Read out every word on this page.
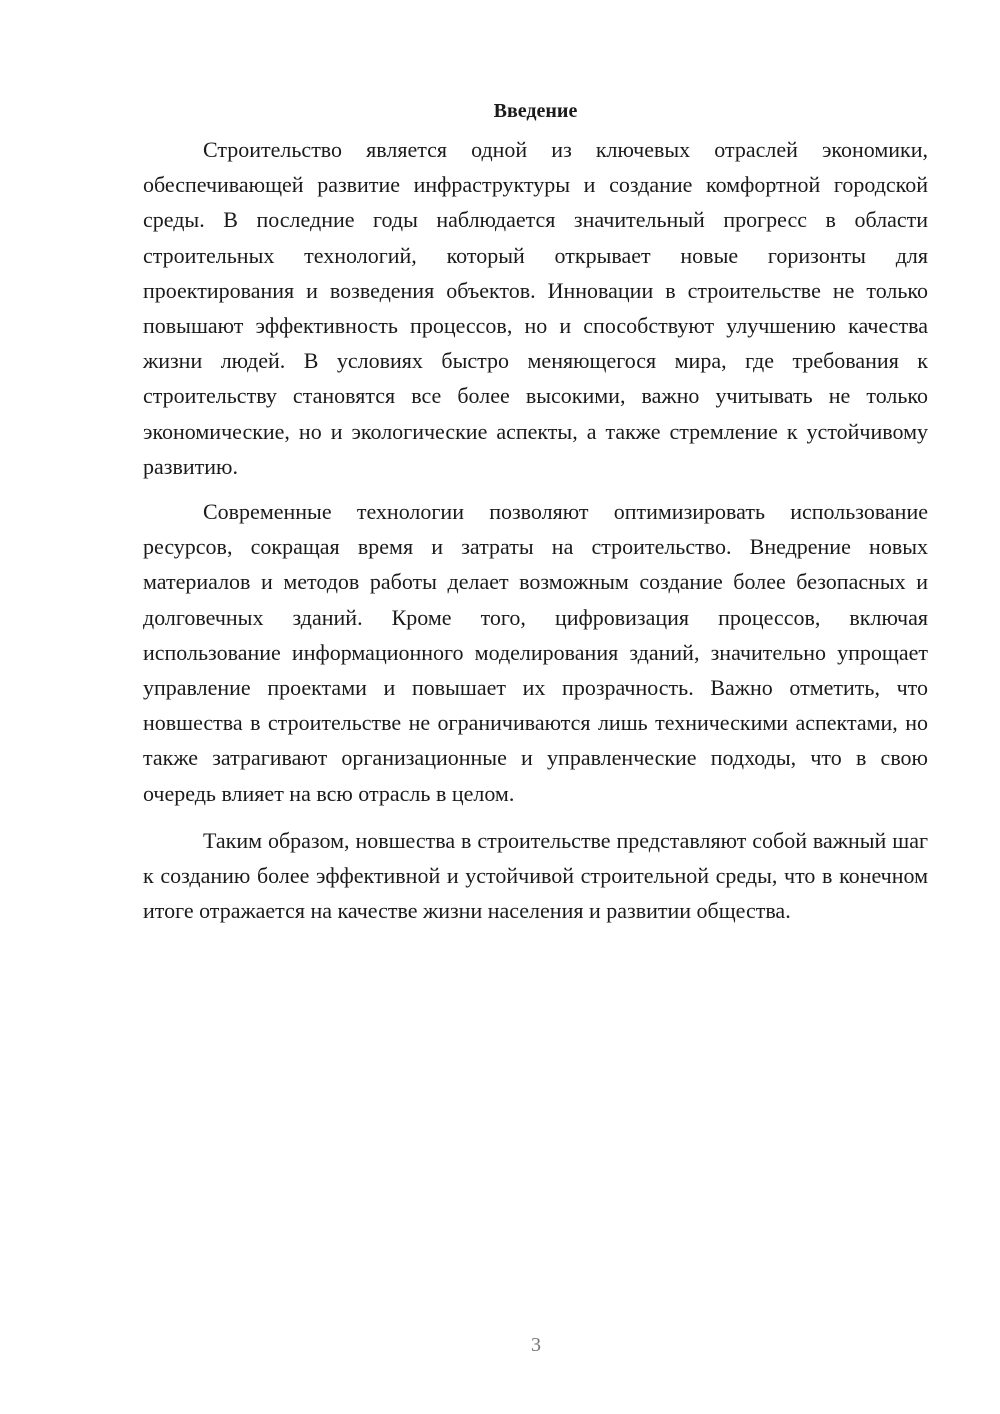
Введение

Строительство является одной из ключевых отраслей экономики, обеспечивающей развитие инфраструктуры и создание комфортной городской среды. В последние годы наблюдается значительный прогресс в области строительных технологий, который открывает новые горизонты для проектирования и возведения объектов. Инновации в строительстве не только повышают эффективность процессов, но и способствуют улучшению качества жизни людей. В условиях быстро меняющегося мира, где требования к строительству становятся все более высокими, важно учитывать не только экономические, но и экологические аспекты, а также стремление к устойчивому развитию.

Современные технологии позволяют оптимизировать использование ресурсов, сокращая время и затраты на строительство. Внедрение новых материалов и методов работы делает возможным создание более безопасных и долговечных зданий. Кроме того, цифровизация процессов, включая использование информационного моделирования зданий, значительно упрощает управление проектами и повышает их прозрачность. Важно отметить, что новшества в строительстве не ограничиваются лишь техническими аспектами, но также затрагивают организационные и управленческие подходы, что в свою очередь влияет на всю отрасль в целом.

Таким образом, новшества в строительстве представляют собой важный шаг к созданию более эффективной и устойчивой строительной среды, что в конечном итоге отражается на качестве жизни населения и развитии общества.

3
